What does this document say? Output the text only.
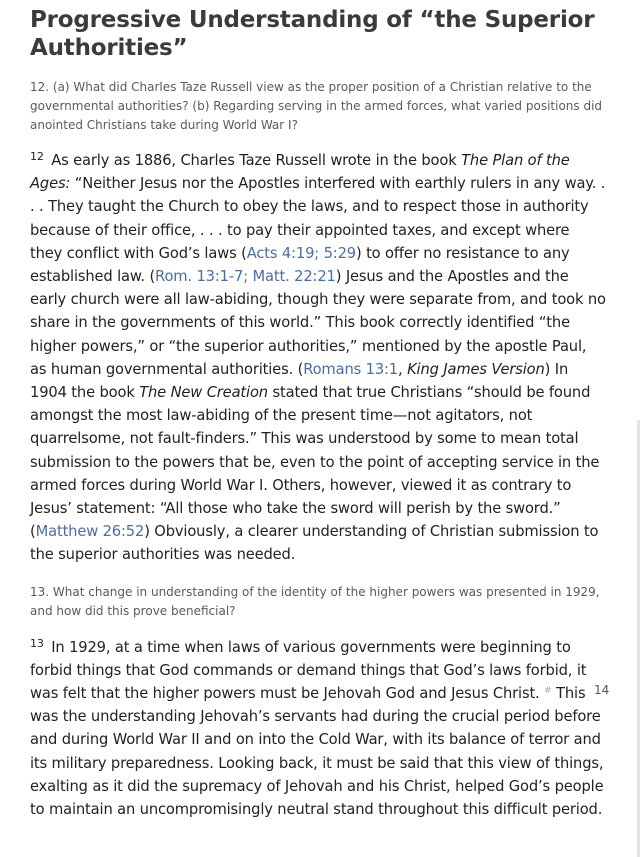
Progressive Understanding of “the Superior Authorities”

12. (a) What did Charles Taze Russell view as the proper position of a Christian relative to the governmental authorities? (b) Regarding serving in the armed forces, what varied positions did anointed Christians take during World War I?

$^{12}$ As early as 1886, Charles Taze Russell wrote in the book The Plan of the Ages: “Neither Jesus nor the Apostles interfered with earthly rulers in any way. . . . They taught the Church to obey the laws, and to respect those in authority because of their office, . . . to pay their appointed taxes, and except where they conflict with God’s laws (Acts 4:19; 5:29) to offer no resistance to any established law. (Rom. 13:1-7; Matt. 22:21) Jesus and the Apostles and the early church were all law-abiding, though they were separate from, and took no share in the governments of this world.” This book correctly identified “the higher powers,” or “the superior authorities,” mentioned by the apostle Paul, as human governmental authorities. (Romans 13:1, King James Version) In 1904 the book The New Creation stated that true Christians “should be found amongst the most law-abiding of the present time—not agitators, not quarrelsome, not fault-finders.” This was understood by some to mean total submission to the powers that be, even to the point of accepting service in the armed forces during World War I. Others, however, viewed it as contrary to Jesus’ statement: “All those who take the sword will perish by the sword.” (Matthew 26:52) Obviously, a clearer understanding of Christian submission to the superior authorities was needed.

13. What change in understanding of the identity of the higher powers was presented in 1929, and how did this prove beneficial?

$^{13}$ In 1929, at a time when laws of various governments were beginning to forbid things that God commands or demand things that God’s laws forbid, it was felt that the higher powers must be Jehovah God and Jesus Christ. # This was the understanding Jehovah’s servants had during the crucial period before and during World War II and on into the Cold War, with its balance of terror and its military preparedness. Looking back, it must be said that this view of things, exalting as it did the supremacy of Jehovah and his Christ, helped God’s people to maintain an uncompromisingly neutral stand throughout this difficult period.

14
